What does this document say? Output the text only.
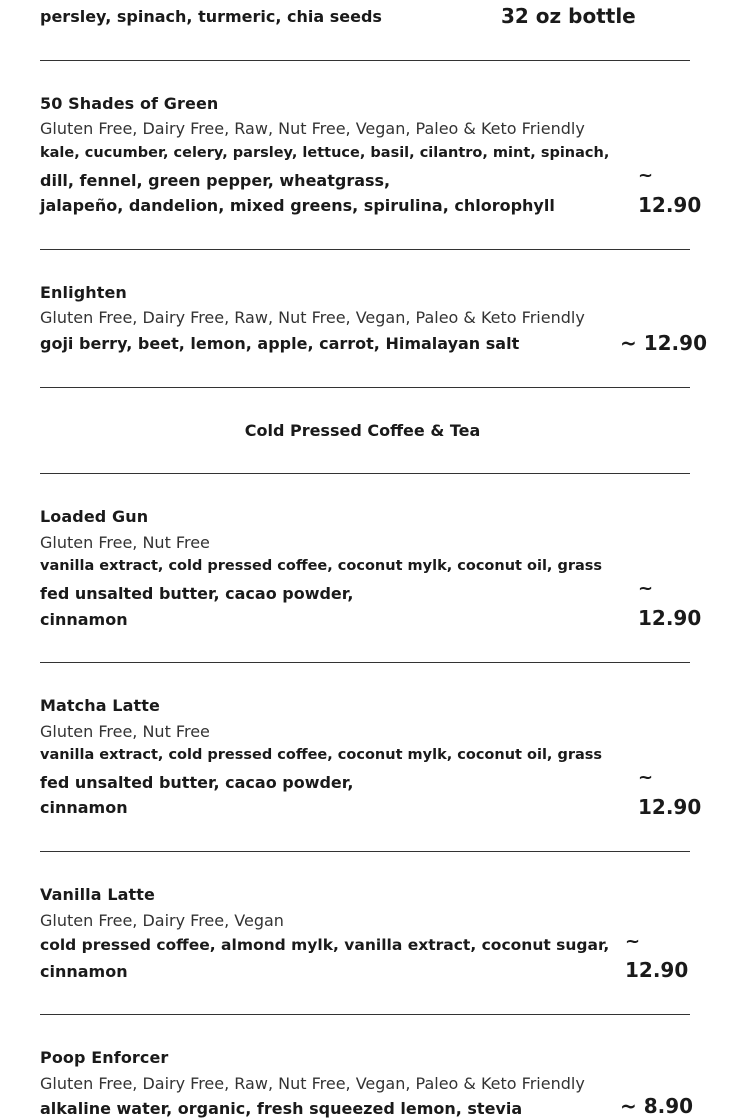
persley, spinach, turmeric, chia seeds	32 oz bottle
50 Shades of Green
Gluten Free, Dairy Free, Raw, Nut Free, Vegan, Paleo & Keto Friendly
kale, cucumber, celery, parsley, lettuce, basil, cilantro, mint, spinach,
dill, fennel, green pepper, wheatgrass,
jalapeño, dandelion, mixed greens, spirulina, chlorophyll
~
12.90
Enlighten
Gluten Free, Dairy Free, Raw, Nut Free, Vegan, Paleo & Keto Friendly
goji berry, beet, lemon, apple, carrot, Himalayan salt	~ 12.90
Cold Pressed Coffee & Tea
Loaded Gun
Gluten Free, Nut Free
vanilla extract, cold pressed coffee, coconut mylk, coconut oil, grass
fed unsalted butter, cacao powder,
cinnamon
~
12.90
Matcha Latte
Gluten Free, Nut Free
vanilla extract, cold pressed coffee, coconut mylk, coconut oil, grass
fed unsalted butter, cacao powder,
cinnamon
~
12.90
Vanilla Latte
Gluten Free, Dairy Free, Vegan
cold pressed coffee, almond mylk, vanilla extract, coconut sugar,
cinnamon
~
12.90
Poop Enforcer
Gluten Free, Dairy Free, Raw, Nut Free, Vegan, Paleo & Keto Friendly
alkaline water, organic, fresh squeezed lemon, stevia	~ 8.90
